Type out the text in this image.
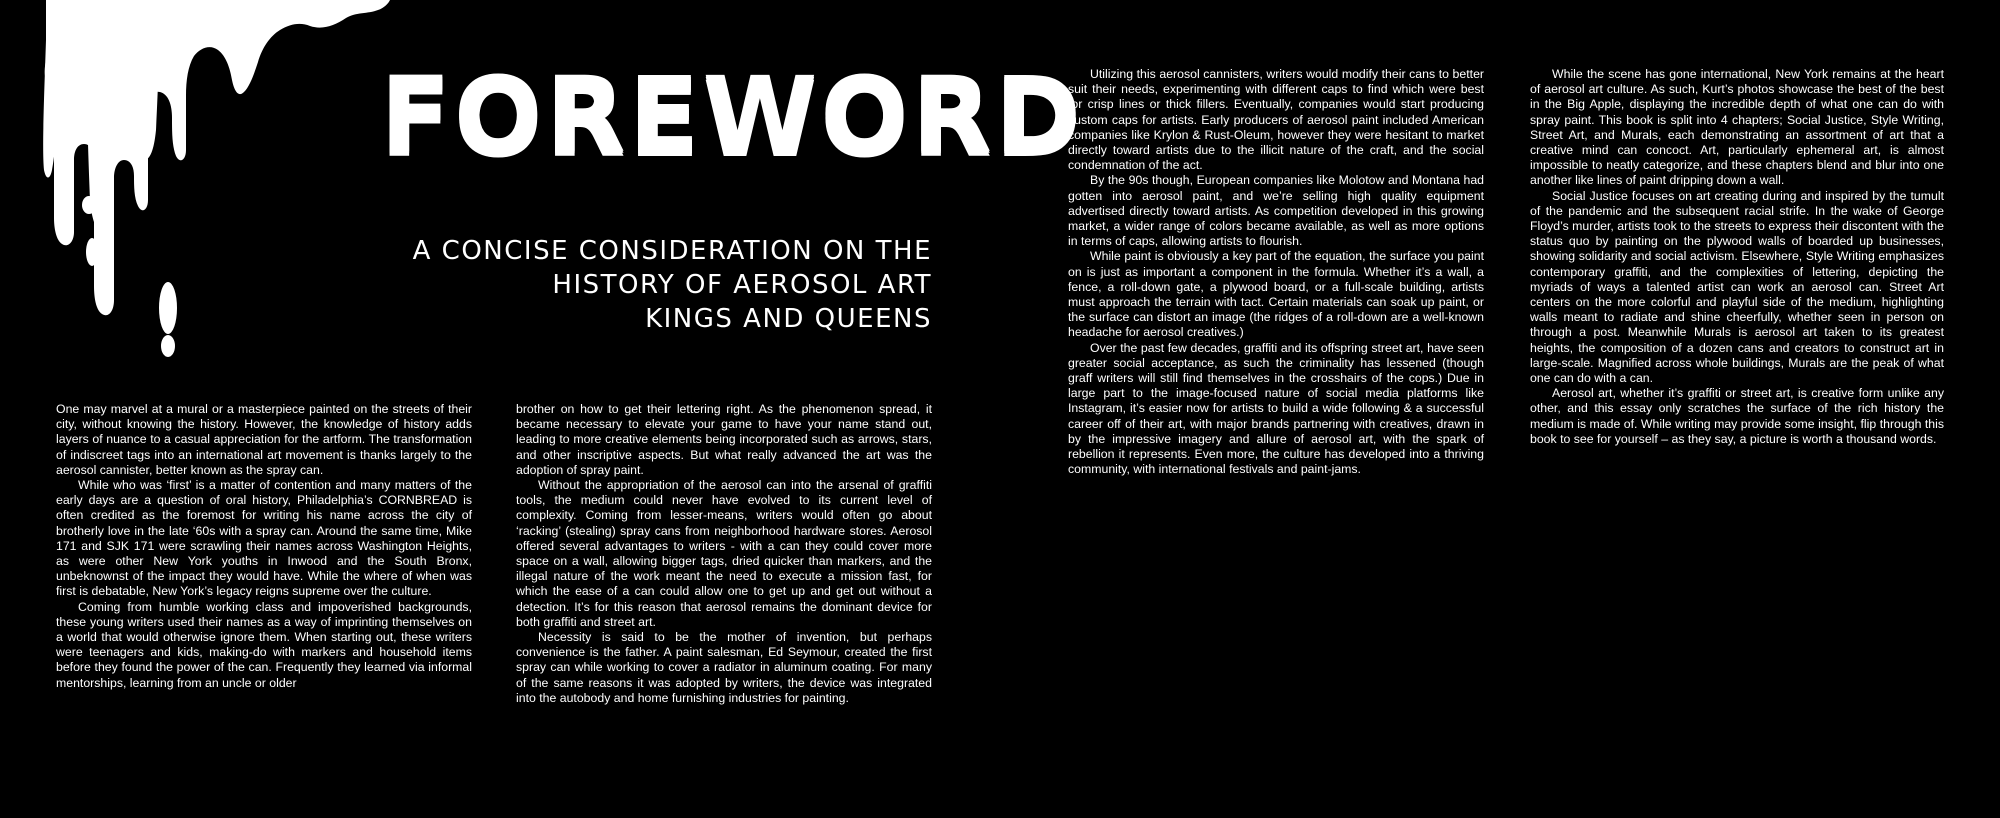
FOREWORD
A CONCISE CONSIDERATION ON THE
HISTORY OF AEROSOL ART
KINGS AND QUEENS

One may marvel at a mural or a masterpiece painted on the streets of their city, without knowing the history. However, the knowledge of history adds layers of nuance to a casual appreciation for the artform. The transformation of indiscreet tags into an international art movement is thanks largely to the aerosol cannister, better known as the spray can.

While who was ‘first’ is a matter of contention and many matters of the early days are a question of oral history, Philadelphia’s CORNBREAD is often credited as the foremost for writing his name across the city of brotherly love in the late ‘60s with a spray can. Around the same time, Mike 171 and SJK 171 were scrawling their names across Washington Heights, as were other New York youths in Inwood and the South Bronx, unbeknownst of the impact they would have. While the where of when was first is debatable, New York’s legacy reigns supreme over the culture.

Coming from humble working class and impoverished backgrounds, these young writers used their names as a way of imprinting themselves on a world that would otherwise ignore them. When starting out, these writers were teenagers and kids, making-do with markers and household items before they found the power of the can. Frequently they learned via informal mentorships, learning from an uncle or older

brother on how to get their lettering right. As the phenomenon spread, it became necessary to elevate your game to have your name stand out, leading to more creative elements being incorporated such as arrows, stars, and other inscriptive aspects. But what really advanced the art was the adoption of spray paint.

Without the appropriation of the aerosol can into the arsenal of graffiti tools, the medium could never have evolved to its current level of complexity. Coming from lesser-means, writers would often go about ‘racking’ (stealing) spray cans from neighborhood hardware stores. Aerosol offered several advantages to writers - with a can they could cover more space on a wall, allowing bigger tags, dried quicker than markers, and the illegal nature of the work meant the need to execute a mission fast, for which the ease of a can could allow one to get up and get out without a detection. It’s for this reason that aerosol remains the dominant device for both graffiti and street art.

Necessity is said to be the mother of invention, but perhaps convenience is the father. A paint salesman, Ed Seymour, created the first spray can while working to cover a radiator in aluminum coating. For many of the same reasons it was adopted by writers, the device was integrated into the autobody and home furnishing industries for painting.

Utilizing this aerosol cannisters, writers would modify their cans to better suit their needs, experimenting with different caps to find which were best for crisp lines or thick fillers. Eventually, companies would start producing custom caps for artists. Early producers of aerosol paint included American companies like Krylon & Rust-Oleum, however they were hesitant to market directly toward artists due to the illicit nature of the craft, and the social condemnation of the act.

By the 90s though, European companies like Molotow and Montana had gotten into aerosol paint, and we’re selling high quality equipment advertised directly toward artists. As competition developed in this growing market, a wider range of colors became available, as well as more options in terms of caps, allowing artists to flourish.

While paint is obviously a key part of the equation, the surface you paint on is just as important a component in the formula. Whether it’s a wall, a fence, a roll-down gate, a plywood board, or a full-scale building, artists must approach the terrain with tact. Certain materials can soak up paint, or the surface can distort an image (the ridges of a roll-down are a well-known headache for aerosol creatives.)

Over the past few decades, graffiti and its offspring street art, have seen greater social acceptance, as such the criminality has lessened (though graff writers will still find themselves in the crosshairs of the cops.) Due in large part to the image-focused nature of social media platforms like Instagram, it’s easier now for artists to build a wide following & a successful career off of their art, with major brands partnering with creatives, drawn in by the impressive imagery and allure of aerosol art, with the spark of rebellion it represents. Even more, the culture has developed into a thriving community, with international festivals and paint-jams.

While the scene has gone international, New York remains at the heart of aerosol art culture. As such, Kurt’s photos showcase the best of the best in the Big Apple, displaying the incredible depth of what one can do with spray paint. This book is split into 4 chapters; Social Justice, Style Writing, Street Art, and Murals, each demonstrating an assortment of art that a creative mind can concoct. Art, particularly ephemeral art, is almost impossible to neatly categorize, and these chapters blend and blur into one another like lines of paint dripping down a wall.

Social Justice focuses on art creating during and inspired by the tumult of the pandemic and the subsequent racial strife. In the wake of George Floyd’s murder, artists took to the streets to express their discontent with the status quo by painting on the plywood walls of boarded up businesses, showing solidarity and social activism. Elsewhere, Style Writing emphasizes contemporary graffiti, and the complexities of lettering, depicting the myriads of ways a talented artist can work an aerosol can. Street Art centers on the more colorful and playful side of the medium, highlighting walls meant to radiate and shine cheerfully, whether seen in person on through a post. Meanwhile Murals is aerosol art taken to its greatest heights, the composition of a dozen cans and creators to construct art in large-scale. Magnified across whole buildings, Murals are the peak of what one can do with a can.

Aerosol art, whether it’s graffiti or street art, is creative form unlike any other, and this essay only scratches the surface of the rich history the medium is made of. While writing may provide some insight, flip through this book to see for yourself – as they say, a picture is worth a thousand words.
